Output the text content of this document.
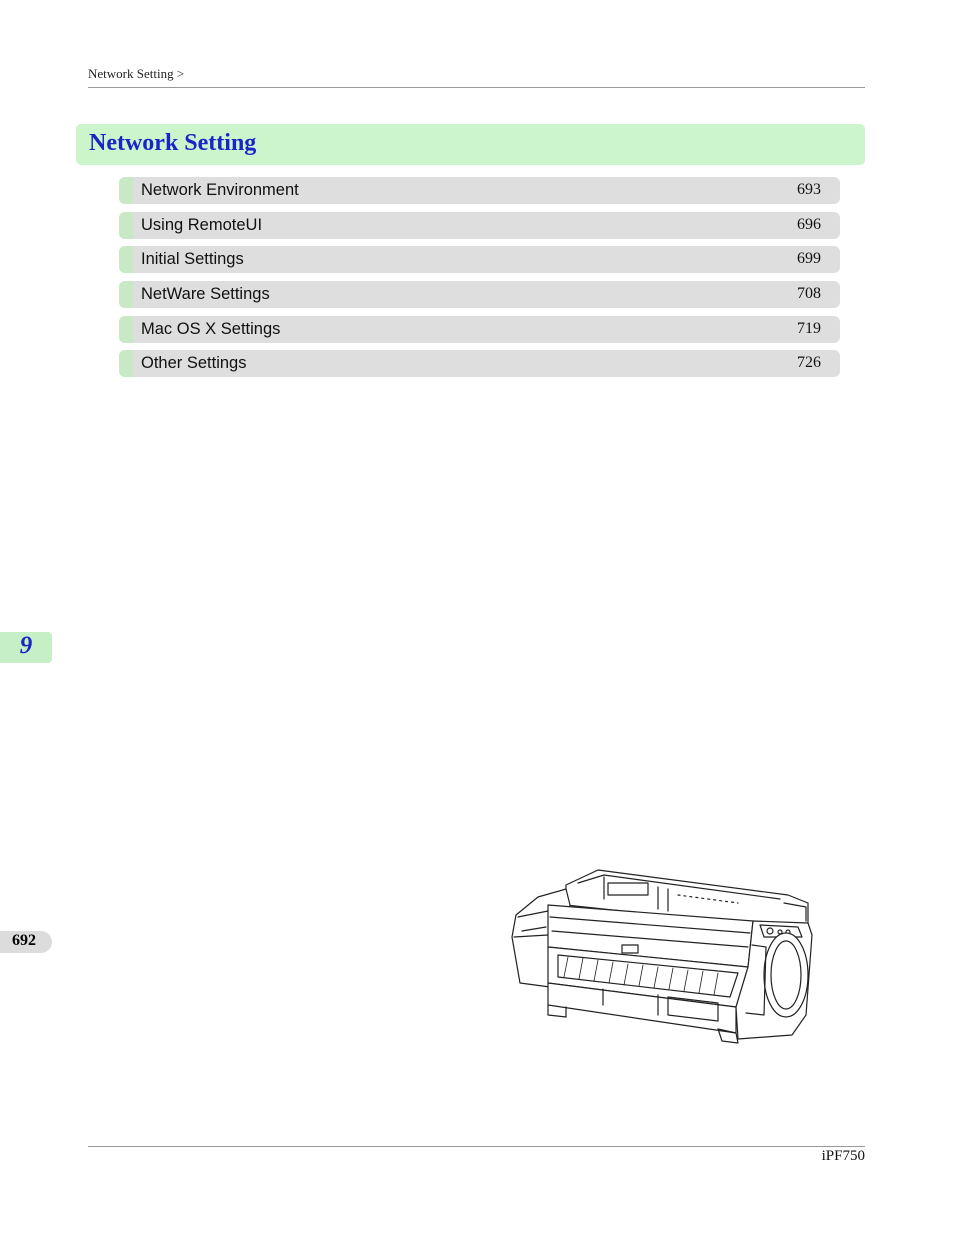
Network Setting >
Network Setting
Network Environment	693
Using RemoteUI	696
Initial Settings	699
NetWare Settings	708
Mac OS X Settings	719
Other Settings	726
9
692
iPF750
